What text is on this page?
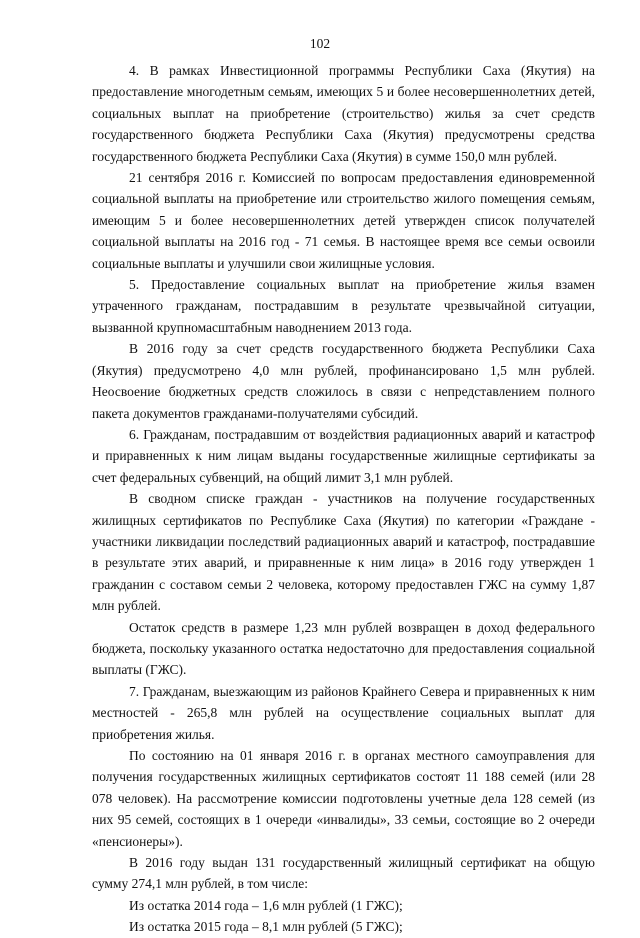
102

4. В рамках Инвестиционной программы Республики Саха (Якутия) на предоставление многодетным семьям, имеющих 5 и более несовершеннолетних детей, социальных выплат на приобретение (строительство) жилья за счет средств государственного бюджета Республики Саха (Якутия) предусмотрены средства государственного бюджета Республики Саха (Якутия) в сумме 150,0 млн рублей.

21 сентября 2016 г. Комиссией по вопросам предоставления единовременной социальной выплаты на приобретение или строительство жилого помещения семьям, имеющим 5 и более несовершеннолетних детей утвержден список получателей социальной выплаты на 2016 год - 71 семья. В настоящее время все семьи освоили социальные выплаты и улучшили свои жилищные условия.

5. Предоставление социальных выплат на приобретение жилья взамен утраченного гражданам, пострадавшим в результате чрезвычайной ситуации, вызванной крупномасштабным наводнением 2013 года.

В 2016 году за счет средств государственного бюджета Республики Саха (Якутия) предусмотрено 4,0 млн рублей, профинансировано 1,5 млн рублей. Неосвоение бюджетных средств сложилось в связи с непредставлением полного пакета документов гражданами-получателями субсидий.

6. Гражданам, пострадавшим от воздействия радиационных аварий и катастроф и приравненных к ним лицам выданы государственные жилищные сертификаты за счет федеральных субвенций, на общий лимит 3,1 млн рублей.

В сводном списке граждан - участников на получение государственных жилищных сертификатов по Республике Саха (Якутия) по категории «Граждане - участники ликвидации последствий радиационных аварий и катастроф, пострадавшие в результате этих аварий, и приравненные к ним лица» в 2016 году утвержден 1 гражданин с составом семьи 2 человека, которому предоставлен ГЖС на сумму 1,87 млн рублей.

Остаток средств в размере 1,23 млн рублей возвращен в доход федерального бюджета, поскольку указанного остатка недостаточно для предоставления социальной выплаты (ГЖС).

7. Гражданам, выезжающим из районов Крайнего Севера и приравненных к ним местностей - 265,8 млн рублей на осуществление социальных выплат для приобретения жилья.

По состоянию на 01 января 2016 г. в органах местного самоуправления для получения государственных жилищных сертификатов состоят 11 188 семей (или 28 078 человек). На рассмотрение комиссии подготовлены учетные дела 128 семей (из них 95 семей, состоящих в 1 очереди «инвалиды», 33 семьи, состоящие во 2 очереди «пенсионеры»).

В 2016 году выдан 131 государственный жилищный сертификат на общую сумму 274,1 млн рублей, в том числе:

Из остатка 2014 года – 1,6 млн рублей (1 ГЖС);

Из остатка 2015 года – 8,1 млн рублей (5 ГЖС);
